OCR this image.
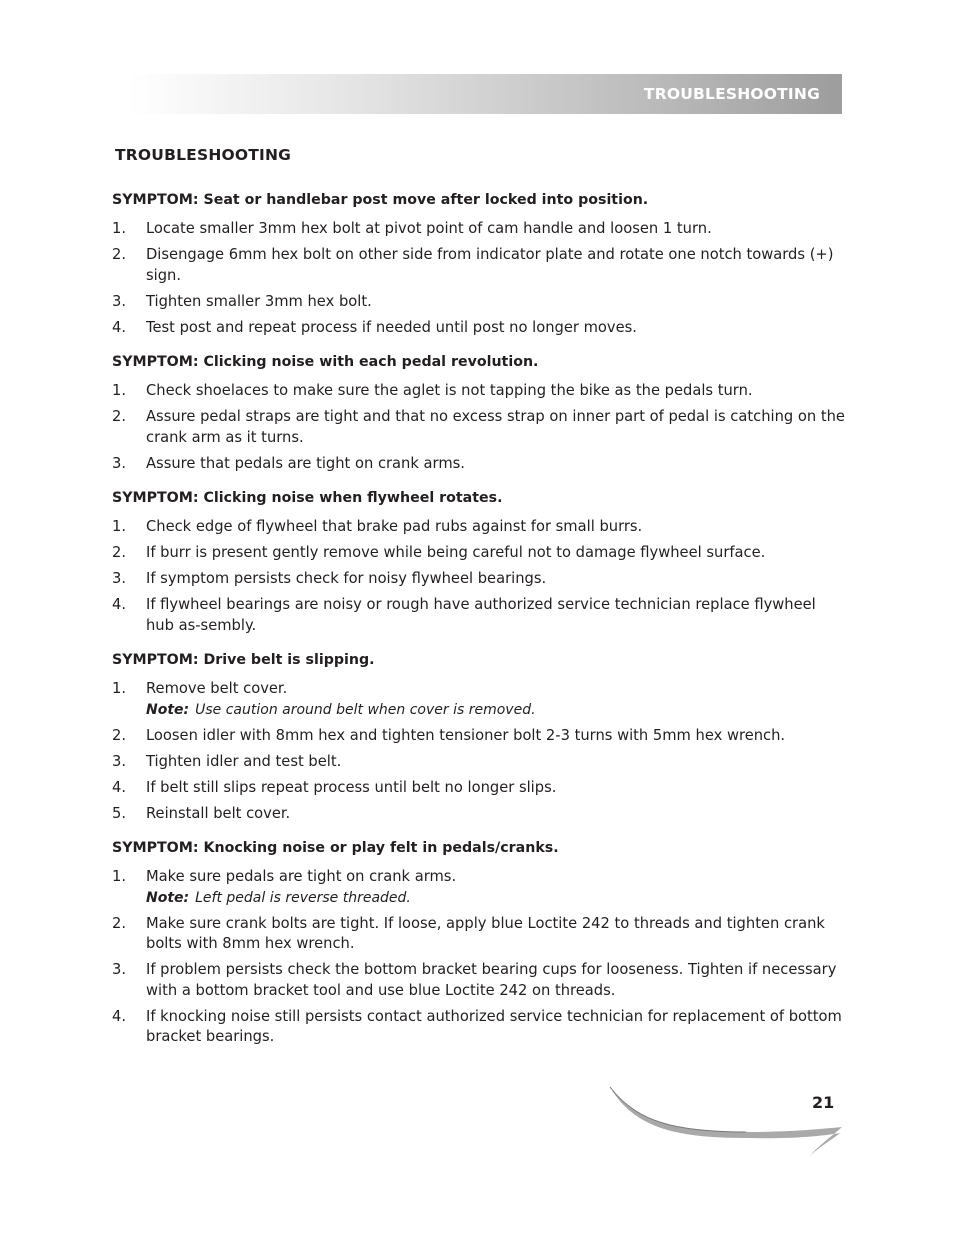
TROUBLESHOOTING
TROUBLESHOOTING
SYMPTOM: Seat or handlebar post move after locked into position.
1. Locate smaller 3mm hex bolt at pivot point of cam handle and loosen 1 turn.
2. Disengage 6mm hex bolt on other side from indicator plate and rotate one notch towards (+) sign.
3. Tighten smaller 3mm hex bolt.
4. Test post and repeat process if needed until post no longer moves.
SYMPTOM: Clicking noise with each pedal revolution.
1. Check shoelaces to make sure the aglet is not tapping the bike as the pedals turn.
2. Assure pedal straps are tight and that no excess strap on inner part of pedal is catching on the crank arm as it turns.
3. Assure that pedals are tight on crank arms.
SYMPTOM: Clicking noise when flywheel rotates.
1. Check edge of flywheel that brake pad rubs against for small burrs.
2. If burr is present gently remove while being careful not to damage flywheel surface.
3. If symptom persists check for noisy flywheel bearings.
4. If flywheel bearings are noisy or rough have authorized service technician replace flywheel hub as-sembly.
SYMPTOM: Drive belt is slipping.
1. Remove belt cover.
Note: Use caution around belt when cover is removed.
2. Loosen idler with 8mm hex and tighten tensioner bolt 2-3 turns with 5mm hex wrench.
3. Tighten idler and test belt.
4. If belt still slips repeat process until belt no longer slips.
5. Reinstall belt cover.
SYMPTOM: Knocking noise or play felt in pedals/cranks.
1. Make sure pedals are tight on crank arms.
Note: Left pedal is reverse threaded.
2. Make sure crank bolts are tight. If loose, apply blue Loctite 242 to threads and tighten crank bolts with 8mm hex wrench.
3. If problem persists check the bottom bracket bearing cups for looseness. Tighten if necessary with a bottom bracket tool and use blue Loctite 242 on threads.
4. If knocking noise still persists contact authorized service technician for replacement of bottom bracket bearings.
21
